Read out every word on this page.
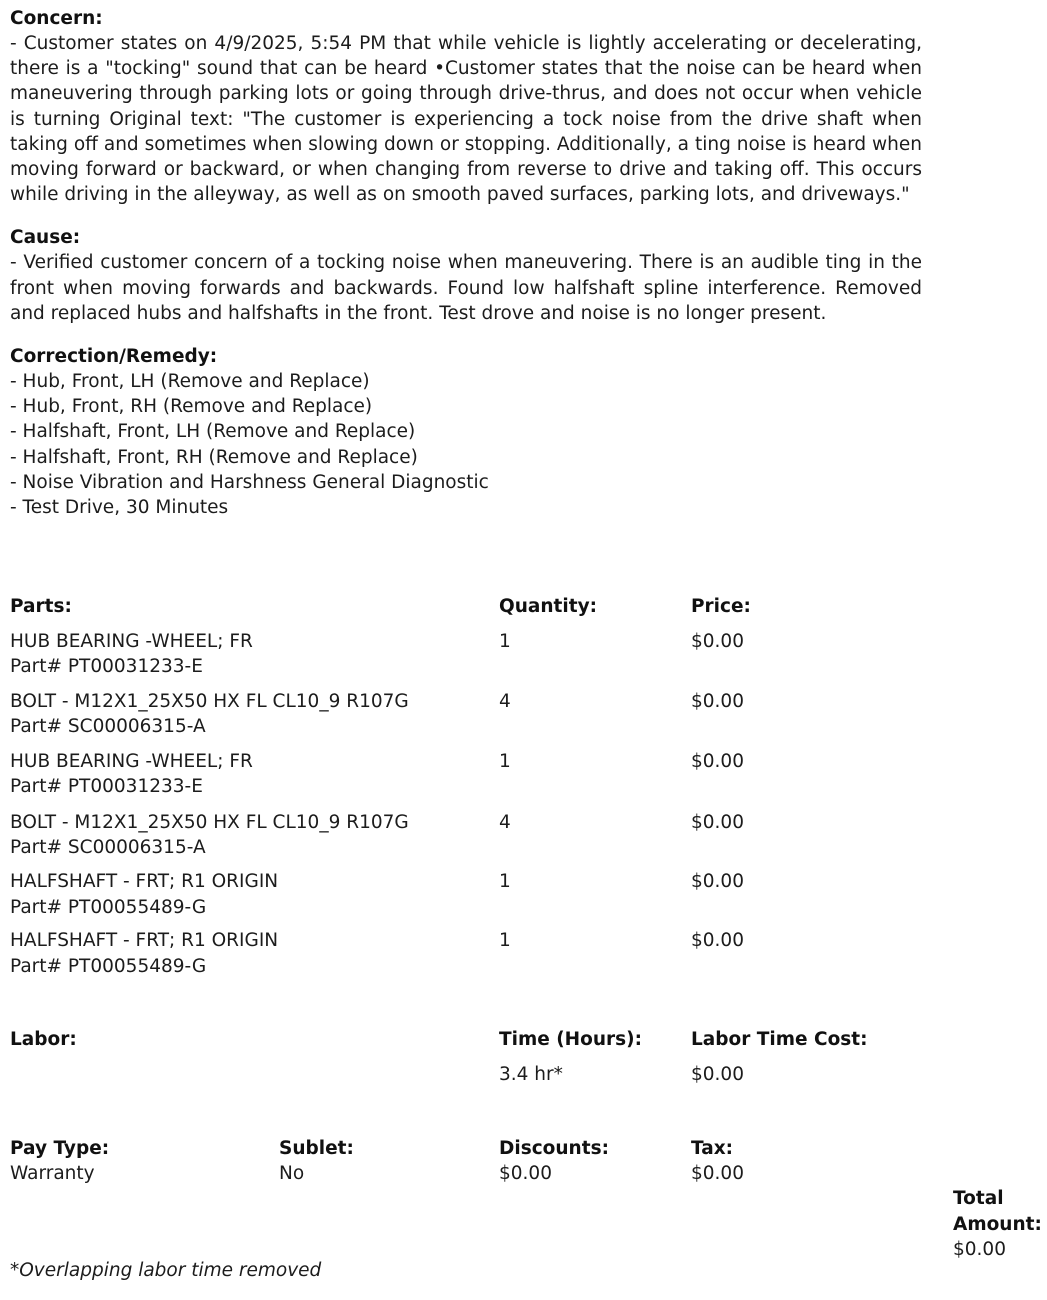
Concern:
- Customer states on 4/9/2025, 5:54 PM that while vehicle is lightly accelerating or decelerating, there is a "tocking" sound that can be heard •Customer states that the noise can be heard when maneuvering through parking lots or going through drive-thrus, and does not occur when vehicle is turning Original text: "The customer is experiencing a tock noise from the drive shaft when taking off and sometimes when slowing down or stopping. Additionally, a ting noise is heard when moving forward or backward, or when changing from reverse to drive and taking off. This occurs while driving in the alleyway, as well as on smooth paved surfaces, parking lots, and driveways."
Cause:
- Verified customer concern of a tocking noise when maneuvering. There is an audible ting in the front when moving forwards and backwards. Found low halfshaft spline interference. Removed and replaced hubs and halfshafts in the front. Test drove and noise is no longer present.
Correction/Remedy:
- Hub, Front, LH (Remove and Replace)
- Hub, Front, RH (Remove and Replace)
- Halfshaft, Front, LH (Remove and Replace)
- Halfshaft, Front, RH (Remove and Replace)
- Noise Vibration and Harshness General Diagnostic
- Test Drive, 30 Minutes
Parts:	Quantity:	Price:
HUB BEARING -WHEEL; FR
Part# PT00031233-E
1	$0.00
BOLT - M12X1_25X50 HX FL CL10_9 R107G
Part# SC00006315-A
4	$0.00
HUB BEARING -WHEEL; FR
Part# PT00031233-E
1	$0.00
BOLT - M12X1_25X50 HX FL CL10_9 R107G
Part# SC00006315-A
4	$0.00
HALFSHAFT - FRT; R1 ORIGIN
Part# PT00055489-G
1	$0.00
HALFSHAFT - FRT; R1 ORIGIN
Part# PT00055489-G
1	$0.00
Labor:	Time (Hours):	Labor Time Cost:
3.4 hr*	$0.00
Pay Type:
Warranty
Sublet:
No
Discounts:
$0.00
Tax:
$0.00
Total
Amount:
$0.00
*Overlapping labor time removed
